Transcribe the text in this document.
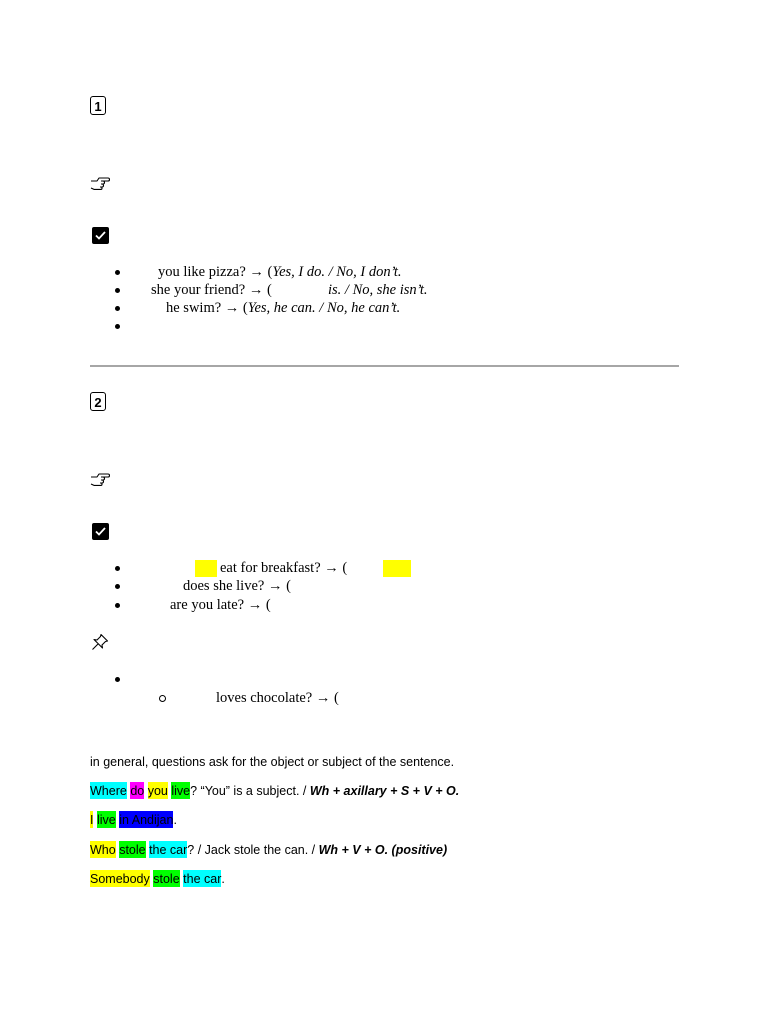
1
you like pizza? → (Yes, I do. / No, I don’t.
she your friend? → (	is. / No, she isn’t.
he swim? → (Yes, he can. / No, he can’t.
2
eat for breakfast? → (
does she live? → (
are you late? → (
loves chocolate? → (
in general, questions ask for the object or subject of the sentence.
Where do you live? “You” is a subject. / Wh + axillary + S + V + O.
I live in Andijan.
Who stole the car? / Jack stole the can. / Wh + V + O. (positive)
Somebody stole the car.
